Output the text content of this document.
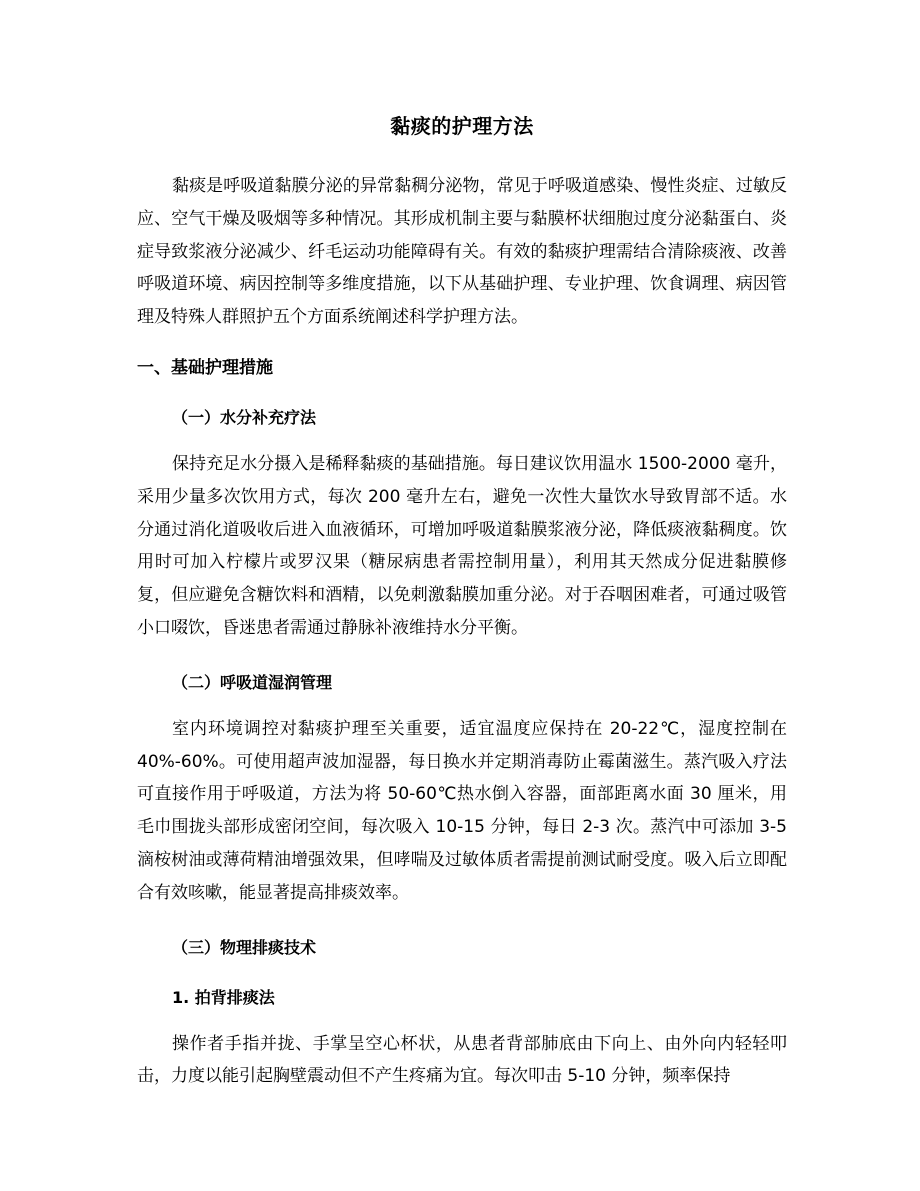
黏痰的护理方法

黏痰是呼吸道黏膜分泌的异常黏稠分泌物，常见于呼吸道感染、慢性炎症、过敏反应、空气干燥及吸烟等多种情况。其形成机制主要与黏膜杯状细胞过度分泌黏蛋白、炎症导致浆液分泌减少、纤毛运动功能障碍有关。有效的黏痰护理需结合清除痰液、改善呼吸道环境、病因控制等多维度措施，以下从基础护理、专业护理、饮食调理、病因管理及特殊人群照护五个方面系统阐述科学护理方法。

一、基础护理措施
（一）水分补充疗法

保持充足水分摄入是稀释黏痰的基础措施。每日建议饮用温水 1500-2000 毫升，采用少量多次饮用方式，每次 200 毫升左右，避免一次性大量饮水导致胃部不适。水分通过消化道吸收后进入血液循环，可增加呼吸道黏膜浆液分泌，降低痰液黏稠度。饮用时可加入柠檬片或罗汉果（糖尿病患者需控制用量），利用其天然成分促进黏膜修复，但应避免含糖饮料和酒精，以免刺激黏膜加重分泌。对于吞咽困难者，可通过吸管小口啜饮，昏迷患者需通过静脉补液维持水分平衡。

（二）呼吸道湿润管理

室内环境调控对黏痰护理至关重要，适宜温度应保持在 20-22℃，湿度控制在 40%-60%。可使用超声波加湿器，每日换水并定期消毒防止霉菌滋生。蒸汽吸入疗法可直接作用于呼吸道，方法为将 50-60℃热水倒入容器，面部距离水面 30 厘米，用毛巾围拢头部形成密闭空间，每次吸入 10-15 分钟，每日 2-3 次。蒸汽中可添加 3-5 滴桉树油或薄荷精油增强效果，但哮喘及过敏体质者需提前测试耐受度。吸入后立即配合有效咳嗽，能显著提高排痰效率。

（三）物理排痰技术
1. 拍背排痰法

操作者手指并拢、手掌呈空心杯状，从患者背部肺底由下向上、由外向内轻轻叩击，力度以能引起胸壁震动但不产生疼痛为宜。每次叩击 5-10 分钟，频率保持
